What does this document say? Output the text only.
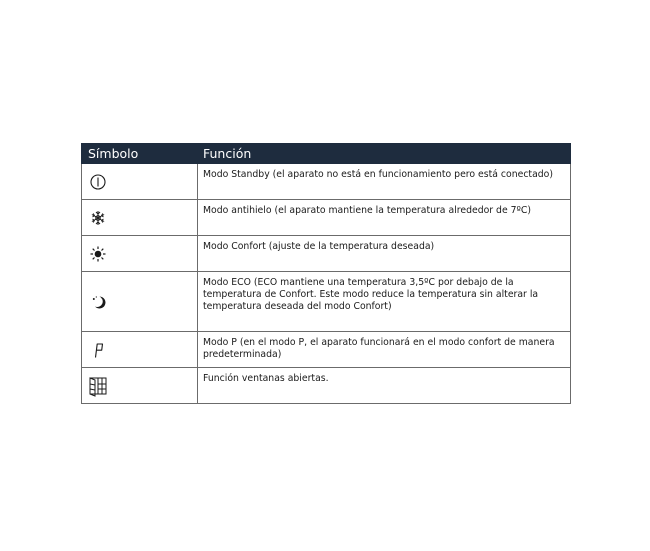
Símbolo	Función

	Modo Standby (el aparato no está en funcionamiento pero está conectado)

	Modo antihielo (el aparato mantiene la temperatura alrededor de 7ºC)

	Modo Confort (ajuste de la temperatura deseada)

	Modo ECO (ECO mantiene una temperatura 3,5ºC por debajo de la temperatura de Confort. Este modo reduce la temperatura sin alterar la temperatura deseada del modo Confort)

	Modo P (en el modo P, el aparato funcionará en el modo confort de manera predeterminada)

	Función ventanas abiertas.
